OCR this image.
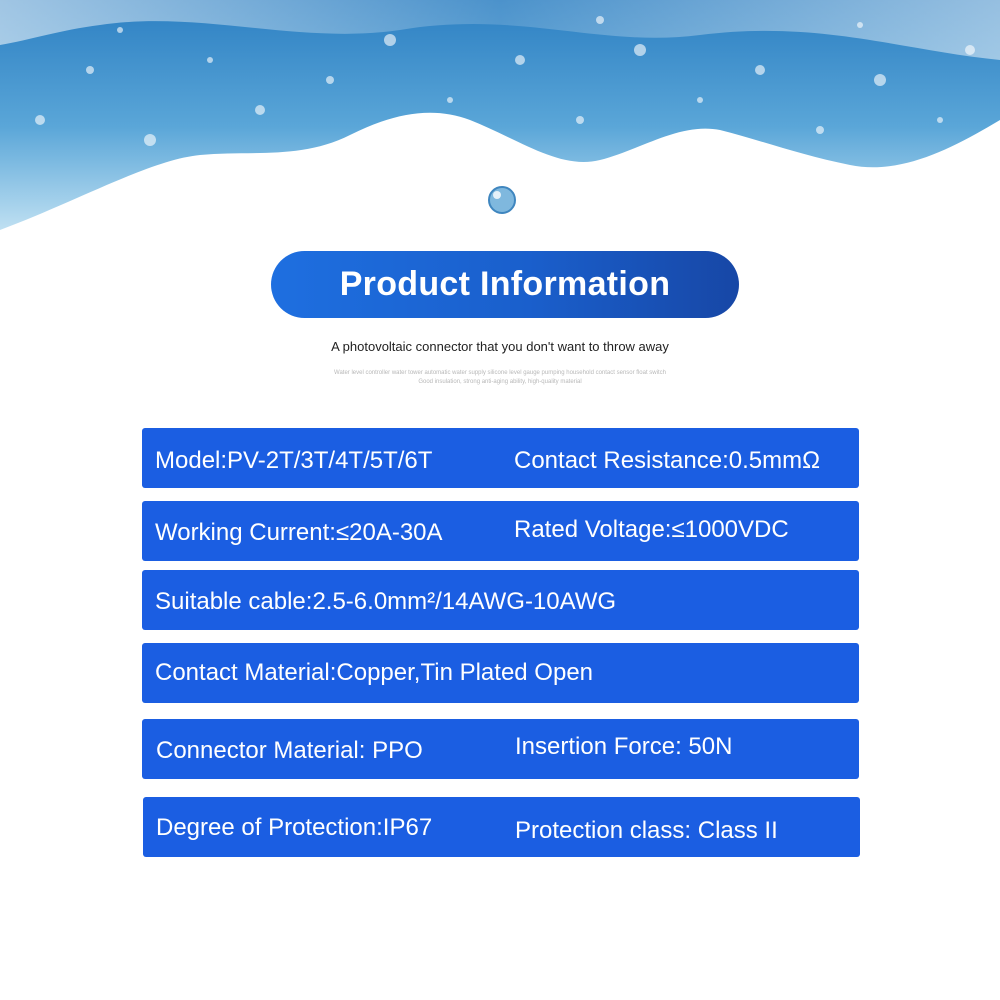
Product Information
A photovoltaic connector that you don't want to throw away
Water level controller water tower automatic water supply silicone level gauge pumping household contact sensor float switch
Good insulation, strong anti-aging ability, high-quality material
Model:PV-2T/3T/4T/5T/6T	Contact Resistance:0.5mmΩ
Working Current:≤20A-30A	Rated Voltage:≤1000VDC
Suitable cable:2.5-6.0mm²/14AWG-10AWG
Contact Material:Copper,Tin Plated Open
Connector Material: PPO	Insertion Force: 50N
Degree of Protection:IP67	Protection class: Class II
